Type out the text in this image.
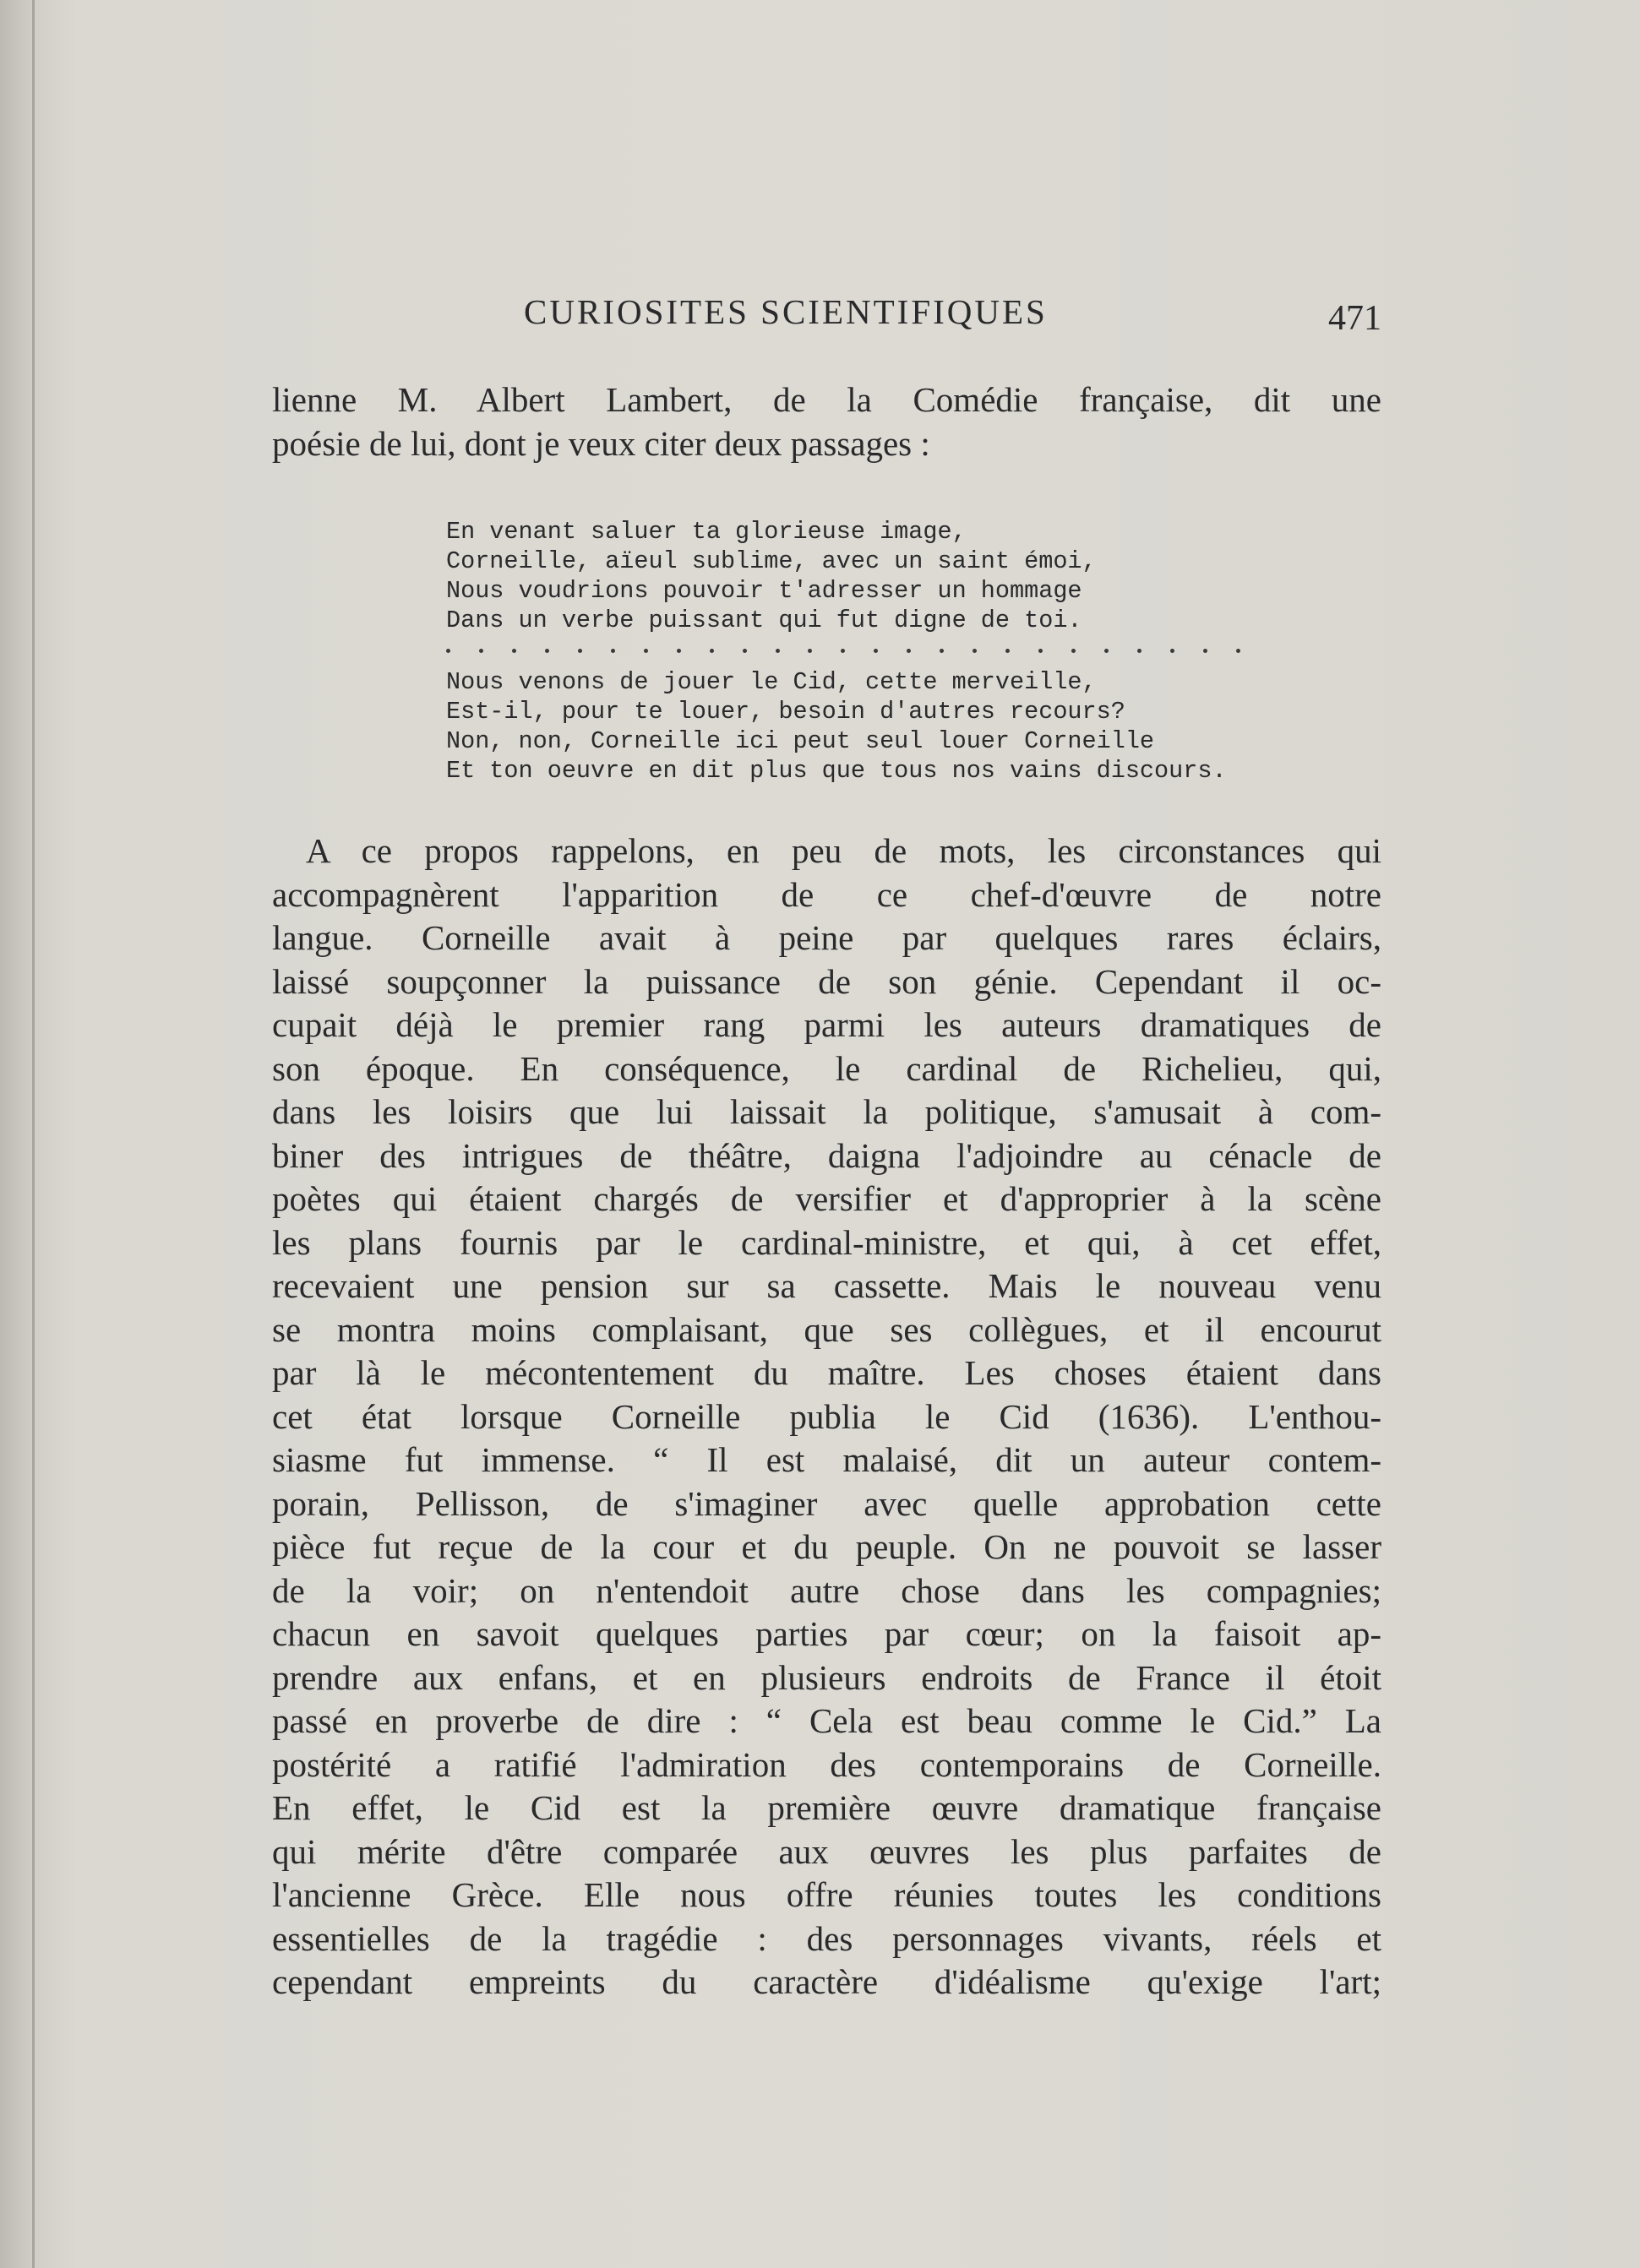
CURIOSITES SCIENTIFIQUES	471

lienne M. Albert Lambert, de la Comédie française, dit une
poésie de lui, dont je veux citer deux passages :

En venant saluer ta glorieuse image,
Corneille, aïeul sublime, avec un saint émoi,
Nous voudrions pouvoir t'adresser un hommage
Dans un verbe puissant qui fut digne de toi.
Nous venons de jouer le Cid, cette merveille,
Est-il, pour te louer, besoin d'autres recours?
Non, non, Corneille ici peut seul louer Corneille
Et ton oeuvre en dit plus que tous nos vains discours.

A ce propos rappelons, en peu de mots, les circonstances qui
accompagnèrent l'apparition de ce chef-d'œuvre de notre
langue. Corneille avait à peine par quelques rares éclairs,
laissé soupçonner la puissance de son génie. Cependant il oc-
cupait déjà le premier rang parmi les auteurs dramatiques de
son époque. En conséquence, le cardinal de Richelieu, qui,
dans les loisirs que lui laissait la politique, s'amusait à com-
biner des intrigues de théâtre, daigna l'adjoindre au cénacle de
poètes qui étaient chargés de versifier et d'approprier à la scène
les plans fournis par le cardinal-ministre, et qui, à cet effet,
recevaient une pension sur sa cassette. Mais le nouveau venu
se montra moins complaisant, que ses collègues, et il encourut
par là le mécontentement du maître. Les choses étaient dans
cet état lorsque Corneille publia le Cid (1636). L'enthou-
siasme fut immense. “ Il est malaisé, dit un auteur contem-
porain, Pellisson, de s'imaginer avec quelle approbation cette
pièce fut reçue de la cour et du peuple. On ne pouvoit se lasser
de la voir; on n'entendoit autre chose dans les compagnies;
chacun en savoit quelques parties par cœur; on la faisoit ap-
prendre aux enfans, et en plusieurs endroits de France il étoit
passé en proverbe de dire : “ Cela est beau comme le Cid.” La
postérité a ratifié l'admiration des contemporains de Corneille.
En effet, le Cid est la première œuvre dramatique française
qui mérite d'être comparée aux œuvres les plus parfaites de
l'ancienne Grèce. Elle nous offre réunies toutes les conditions
essentielles de la tragédie : des personnages vivants, réels et
cependant empreints du caractère d'idéalisme qu'exige l'art;
